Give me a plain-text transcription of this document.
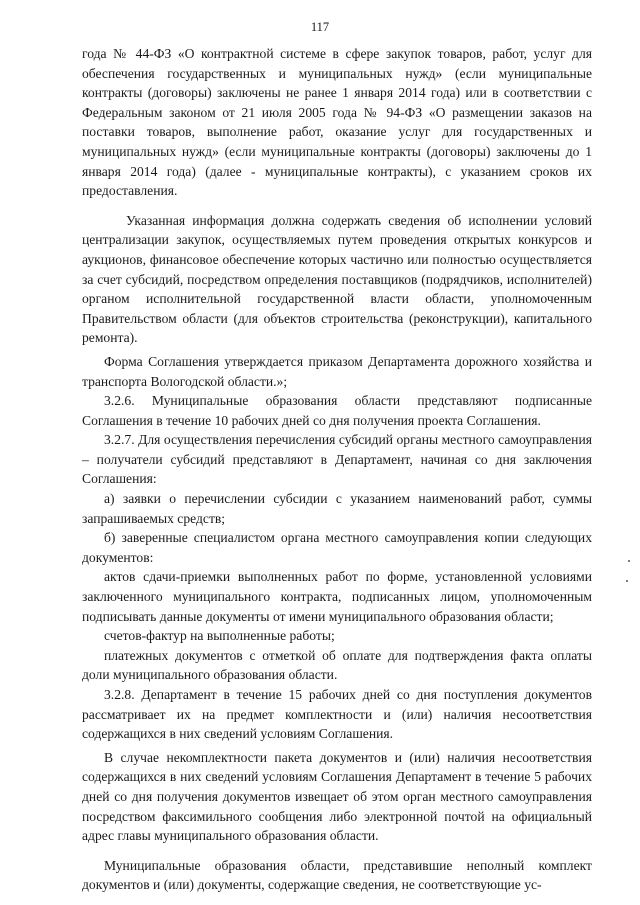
117

года № 44-ФЗ «О контрактной системе в сфере закупок товаров, работ, услуг для обеспечения государственных и муниципальных нужд» (если муниципальные контракты (договоры) заключены не ранее 1 января 2014 года) или в соответствии с Федеральным законом от 21 июля 2005 года № 94-ФЗ «О размещении заказов на поставки товаров, выполнение работ, оказание услуг для государственных и муниципальных нужд» (если муниципальные контракты (договоры) заключены до 1 января 2014 года) (далее - муниципальные контракты), с указанием сроков их предоставления.

Указанная информация должна содержать сведения об исполнении условий централизации закупок, осуществляемых путем проведения открытых конкурсов и аукционов, финансовое обеспечение которых частично или полностью осуществляется за счет субсидий, посредством определения поставщиков (подрядчиков, исполнителей) органом исполнительной государственной власти области, уполномоченным Правительством области (для объектов строительства (реконструкции), капитального ремонта).

Форма Соглашения утверждается приказом Департамента дорожного хозяйства и транспорта Вологодской области.»;

3.2.6. Муниципальные образования области представляют подписанные Соглашения в течение 10 рабочих дней со дня получения проекта Соглашения.

3.2.7. Для осуществления перечисления субсидий органы местного самоуправления – получатели субсидий представляют в Департамент, начиная со дня заключения Соглашения:

а) заявки о перечислении субсидии с указанием наименований работ, суммы запрашиваемых средств;

б) заверенные специалистом органа местного самоуправления копии следующих документов:

актов сдачи-приемки выполненных работ по форме, установленной условиями заключенного муниципального контракта, подписанных лицом, уполномоченным подписывать данные документы от имени муниципального образования области;

счетов-фактур на выполненные работы;

платежных документов с отметкой об оплате для подтверждения факта оплаты доли муниципального образования области.

3.2.8. Департамент в течение 15 рабочих дней со дня поступления документов рассматривает их на предмет комплектности и (или) наличия несоответствия содержащихся в них сведений условиям Соглашения.

В случае некомплектности пакета документов и (или) наличия несоответствия содержащихся в них сведений условиям Соглашения Департамент в течение 5 рабочих дней со дня получения документов извещает об этом орган местного самоуправления посредством факсимильного сообщения либо электронной почтой на официальный адрес главы муниципального образования области.

Муниципальные образования области, представившие неполный комплект документов и (или) документы, содержащие сведения, не соответствующие ус-
